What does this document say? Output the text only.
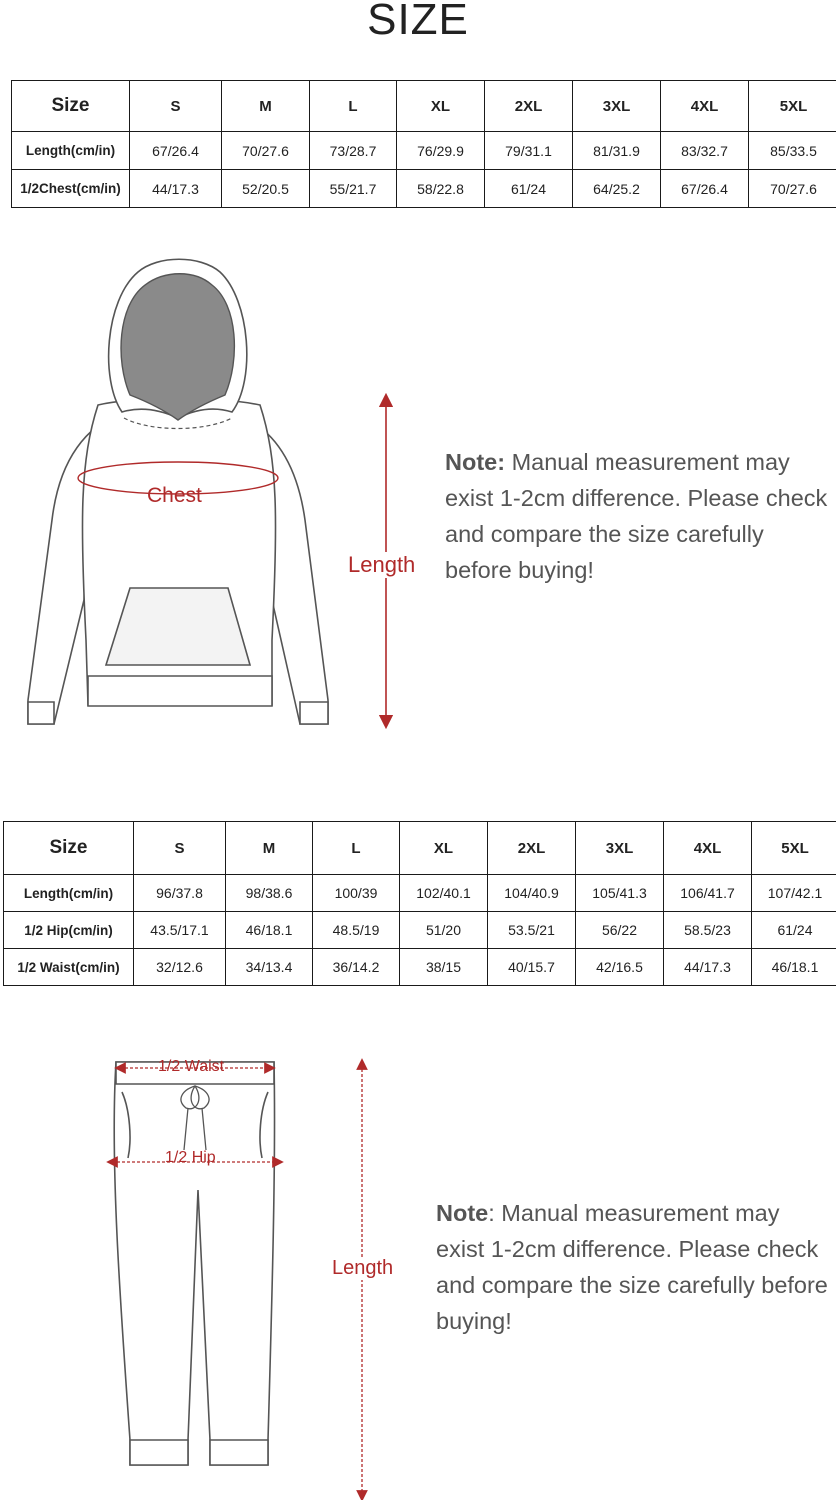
SIZE
Size	S	M	L	XL	2XL	3XL	4XL	5XL
Length(cm/in)	67/26.4	70/27.6	73/28.7	76/29.9	79/31.1	81/31.9	83/32.7	85/33.5
1/2Chest(cm/in)	44/17.3	52/20.5	55/21.7	58/22.8	61/24	64/25.2	67/26.4	70/27.6
Chest
Length
Note: Manual measurement may exist 1-2cm difference. Please check and compare the size carefully before buying!
Size	S	M	L	XL	2XL	3XL	4XL	5XL
Length(cm/in)	96/37.8	98/38.6	100/39	102/40.1	104/40.9	105/41.3	106/41.7	107/42.1
1/2 Hip(cm/in)	43.5/17.1	46/18.1	48.5/19	51/20	53.5/21	56/22	58.5/23	61/24
1/2 Waist(cm/in)	32/12.6	34/13.4	36/14.2	38/15	40/15.7	42/16.5	44/17.3	46/18.1
1/2 Waist
1/2 Hip
Length
Note: Manual measurement may exist 1-2cm difference. Please check and compare the size carefully before buying!
